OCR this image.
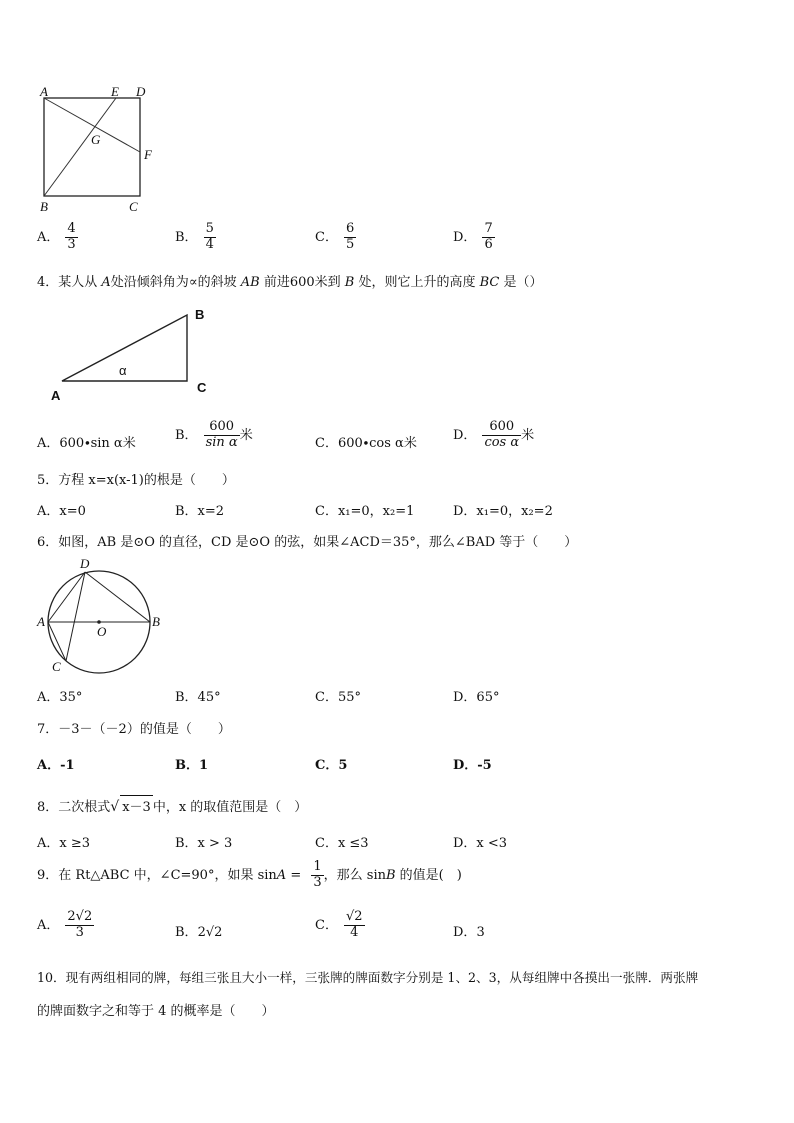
A	E D
G
F
B	C
A． $\frac{4}{3}$	B． $\frac{5}{4}$	C． $\frac{6}{5}$	D． $\frac{7}{6}$
4．某人从 A处沿倾斜角为∝的斜坡 AB 前进600米到 B 处，则它上升的高度 BC 是（）
B
C
A
α
A．600∙sin α米
B． $\frac{600}{\text{sin α}}$ 米
C．600∙cos α米
D． $\frac{600}{\text{cos α}}$ 米
5．方程 x=x(x-1)的根是（　　）
A．x=0	B．x=2	C．x₁=0，x₂=1	D．x₁=0，x₂=2
6．如图，AB 是⊙O 的直径，CD 是⊙O 的弦，如果∠ACD＝35°，那么∠BAD 等于（　　）
D
A
O
B
C
A．35°	B．45°	C．55°	D．65°
7．－3－（－2）的值是（　　）
A．-1	B．1	C．5	D．-5
8．二次根式√ x－3 中，x 的取值范围是（　）
A．x ≥3	B．x > 3	C．x ≤3	D．x <3
9．在 Rt△ABC 中，∠C=90°，如果 $\sin A = \frac{1}{3}$ ，那么 sinB 的值是(　)
A． $\frac{2√2}{3}$	B．2√2	C． $\frac{√2}{4}$	D．3
10．现有两组相同的牌，每组三张且大小一样，三张牌的牌面数字分别是 1、2、3，从每组牌中各摸出一张牌．两张牌
的牌面数字之和等于 4 的概率是（　　）
